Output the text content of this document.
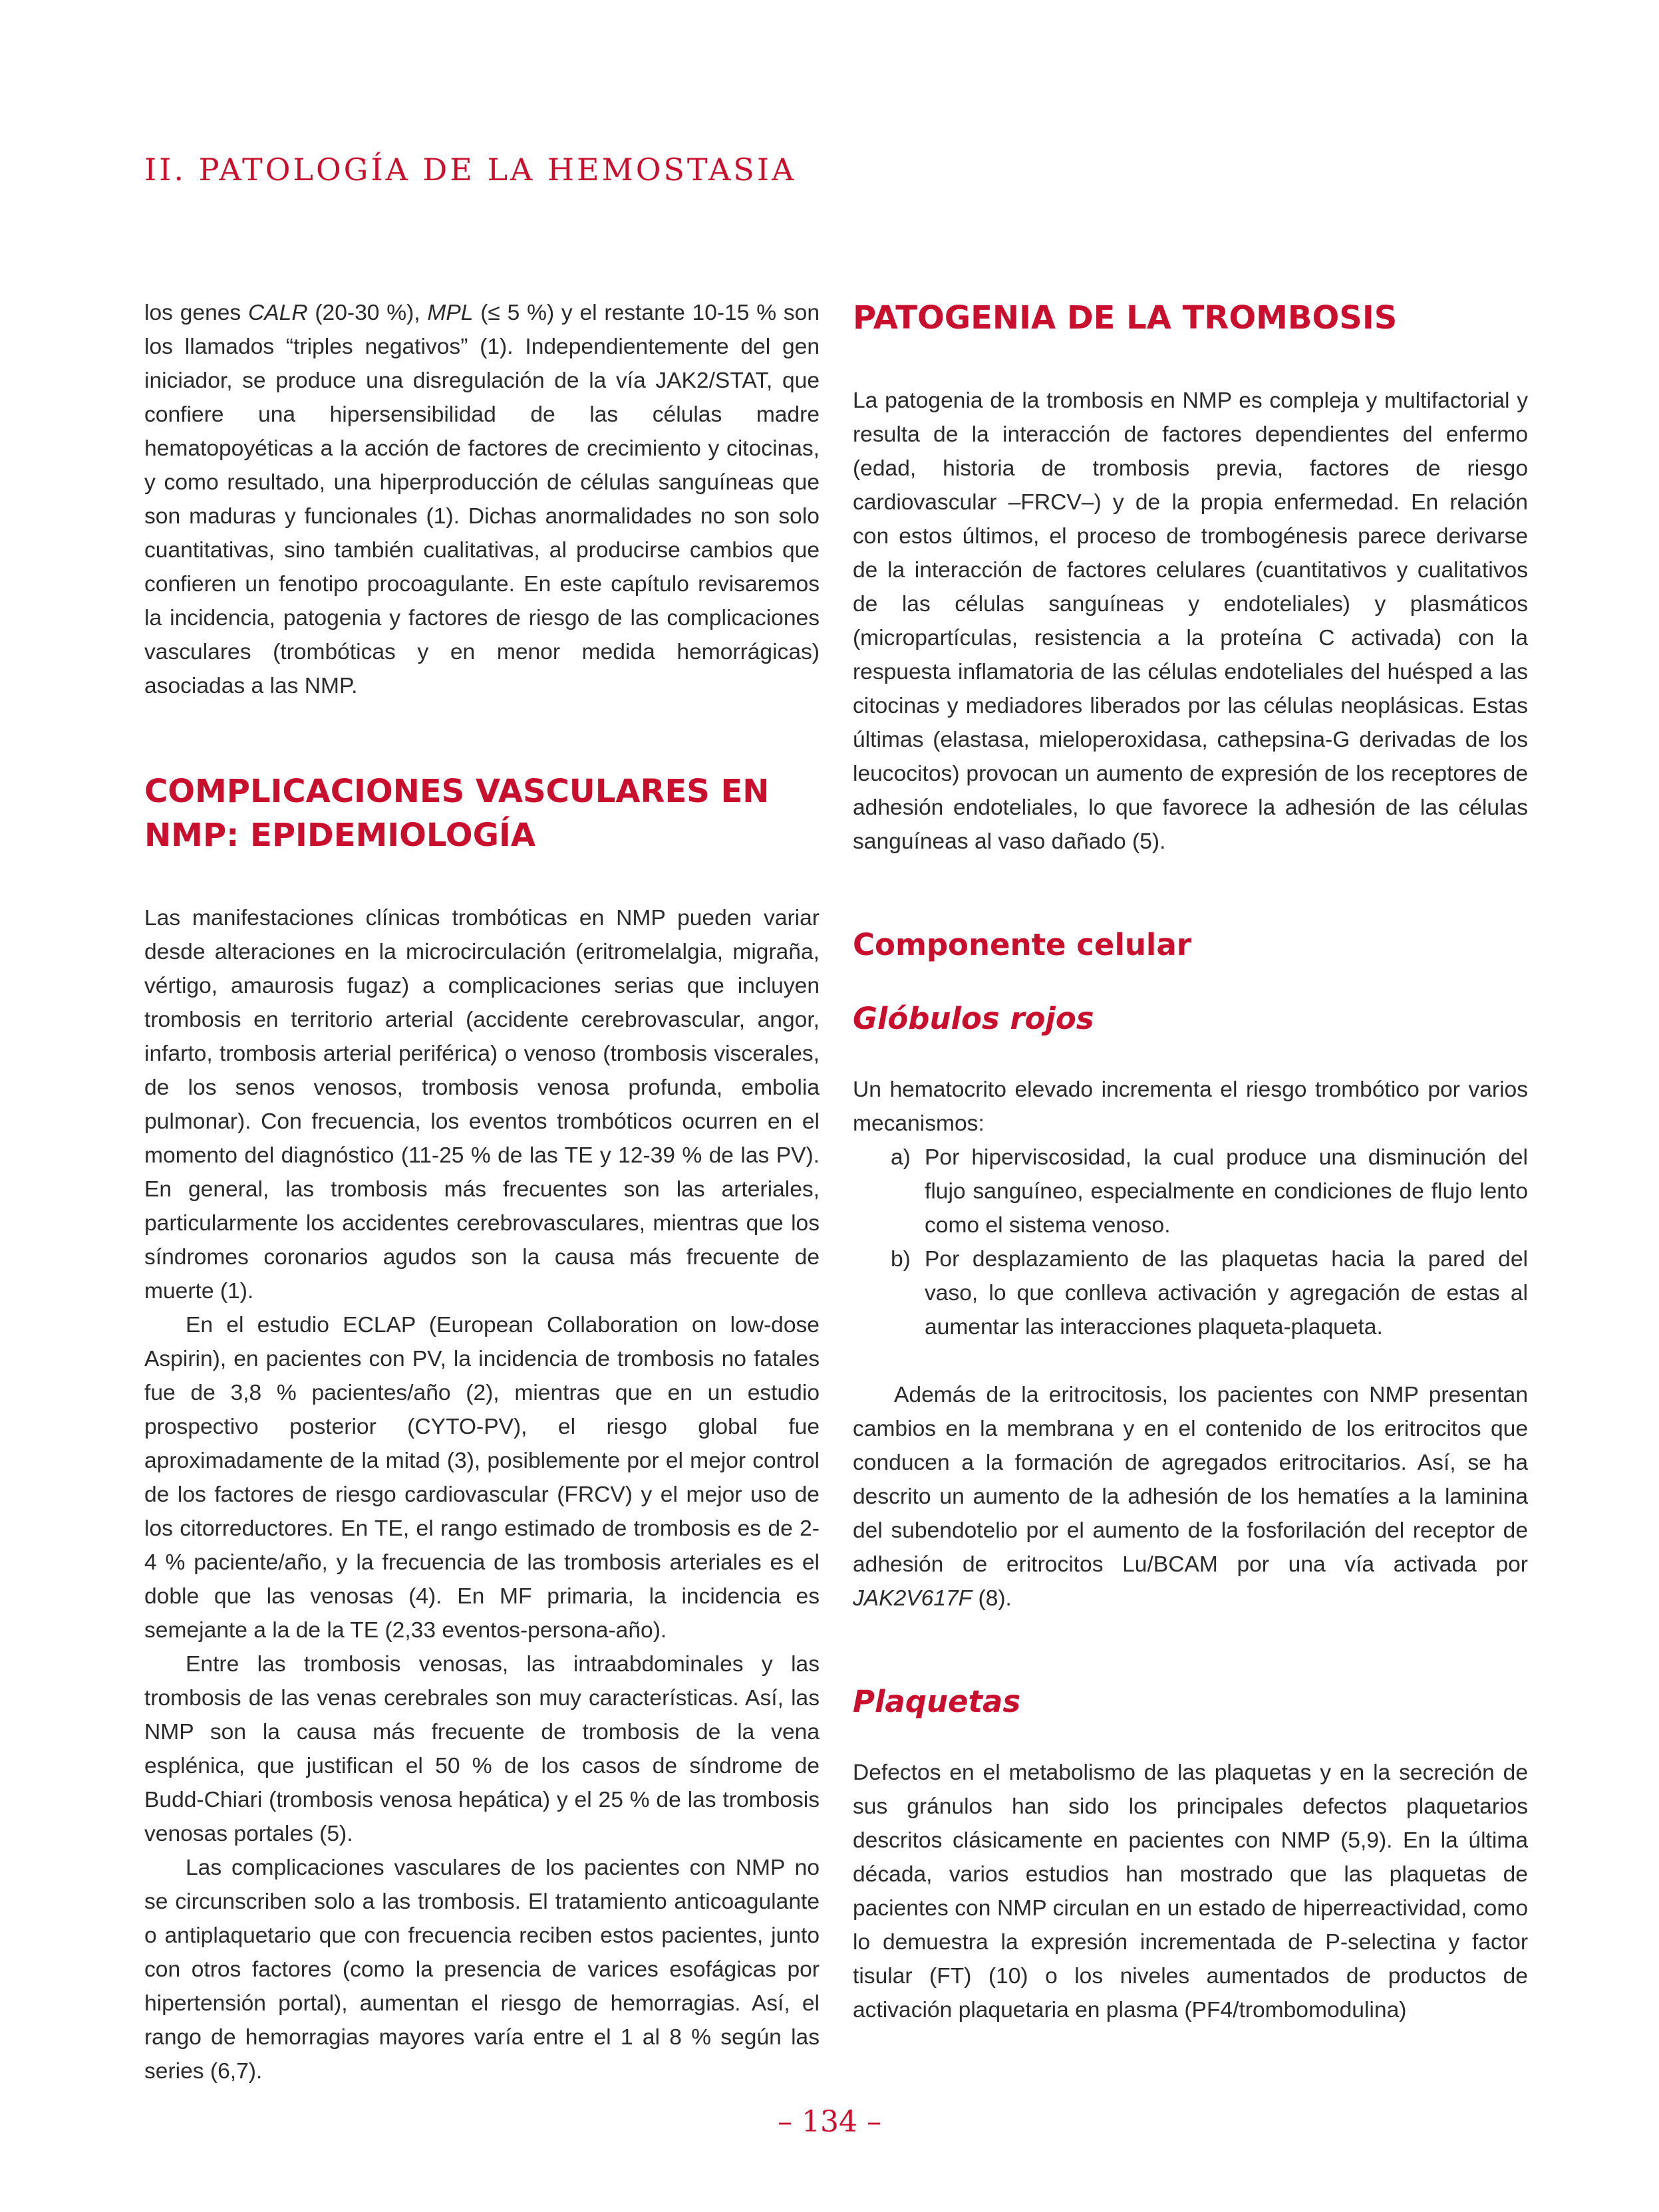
II. PATOLOGÍA DE LA HEMOSTASIA

los genes CALR (20-30 %), MPL (≤ 5 %) y el restante 10-15 % son los llamados “triples negativos” (1). Independientemente del gen iniciador, se produce una disregulación de la vía JAK2/STAT, que confiere una hipersensibilidad de las células madre hematopoyéticas a la acción de factores de crecimiento y citocinas, y como resultado, una hiperproducción de células sanguíneas que son maduras y funcionales (1). Dichas anormalidades no son solo cuantitativas, sino también cualitativas, al producirse cambios que confieren un fenotipo procoagulante. En este capítulo revisaremos la incidencia, patogenia y factores de riesgo de las complicaciones vasculares (trombóticas y en menor medida hemorrágicas) asociadas a las NMP.

COMPLICACIONES VASCULARES EN NMP: EPIDEMIOLOGÍA

Las manifestaciones clínicas trombóticas en NMP pueden variar desde alteraciones en la microcirculación (eritromelalgia, migraña, vértigo, amaurosis fugaz) a complicaciones serias que incluyen trombosis en territorio arterial (accidente cerebrovascular, angor, infarto, trombosis arterial periférica) o venoso (trombosis viscerales, de los senos venosos, trombosis venosa profunda, embolia pulmonar). Con frecuencia, los eventos trombóticos ocurren en el momento del diagnóstico (11-25 % de las TE y 12-39 % de las PV). En general, las trombosis más frecuentes son las arteriales, particularmente los accidentes cerebrovasculares, mientras que los síndromes coronarios agudos son la causa más frecuente de muerte (1).

En el estudio ECLAP (European Collaboration on low-dose Aspirin), en pacientes con PV, la incidencia de trombosis no fatales fue de 3,8 % pacientes/año (2), mientras que en un estudio prospectivo posterior (CYTO-PV), el riesgo global fue aproximadamente de la mitad (3), posiblemente por el mejor control de los factores de riesgo cardiovascular (FRCV) y el mejor uso de los citorreductores. En TE, el rango estimado de trombosis es de 2-4 % paciente/año, y la frecuencia de las trombosis arteriales es el doble que las venosas (4). En MF primaria, la incidencia es semejante a la de la TE (2,33 eventos-persona-año).

Entre las trombosis venosas, las intraabdominales y las trombosis de las venas cerebrales son muy características. Así, las NMP son la causa más frecuente de trombosis de la vena esplénica, que justifican el 50 % de los casos de síndrome de Budd-Chiari (trombosis venosa hepática) y el 25 % de las trombosis venosas portales (5).

Las complicaciones vasculares de los pacientes con NMP no se circunscriben solo a las trombosis. El tratamiento anticoagulante o antiplaquetario que con frecuencia reciben estos pacientes, junto con otros factores (como la presencia de varices esofágicas por hipertensión portal), aumentan el riesgo de hemorragias. Así, el rango de hemorragias mayores varía entre el 1 al 8 % según las series (6,7).

PATOGENIA DE LA TROMBOSIS

La patogenia de la trombosis en NMP es compleja y multifactorial y resulta de la interacción de factores dependientes del enfermo (edad, historia de trombosis previa, factores de riesgo cardiovascular –FRCV–) y de la propia enfermedad. En relación con estos últimos, el proceso de trombogénesis parece derivarse de la interacción de factores celulares (cuantitativos y cualitativos de las células sanguíneas y endoteliales) y plasmáticos (micropartículas, resistencia a la proteína C activada) con la respuesta inflamatoria de las células endoteliales del huésped a las citocinas y mediadores liberados por las células neoplásicas. Estas últimas (elastasa, mieloperoxidasa, cathepsina-G derivadas de los leucocitos) provocan un aumento de expresión de los receptores de adhesión endoteliales, lo que favorece la adhesión de las células sanguíneas al vaso dañado (5).

Componente celular
Glóbulos rojos

Un hematocrito elevado incrementa el riesgo trombótico por varios mecanismos:

a) Por hiperviscosidad, la cual produce una disminución del flujo sanguíneo, especialmente en condiciones de flujo lento como el sistema venoso.
b) Por desplazamiento de las plaquetas hacia la pared del vaso, lo que conlleva activación y agregación de estas al aumentar las interacciones plaqueta-plaqueta.

Además de la eritrocitosis, los pacientes con NMP presentan cambios en la membrana y en el contenido de los eritrocitos que conducen a la formación de agregados eritrocitarios. Así, se ha descrito un aumento de la adhesión de los hematíes a la laminina del subendotelio por el aumento de la fosforilación del receptor de adhesión de eritrocitos Lu/BCAM por una vía activada por JAK2V617F (8).

Plaquetas

Defectos en el metabolismo de las plaquetas y en la secreción de sus gránulos han sido los principales defectos plaquetarios descritos clásicamente en pacientes con NMP (5,9). En la última década, varios estudios han mostrado que las plaquetas de pacientes con NMP circulan en un estado de hiperreactividad, como lo demuestra la expresión incrementada de P-selectina y factor tisular (FT) (10) o los niveles aumentados de productos de activación plaquetaria en plasma (PF4/trombomodulina)

– 134 –
